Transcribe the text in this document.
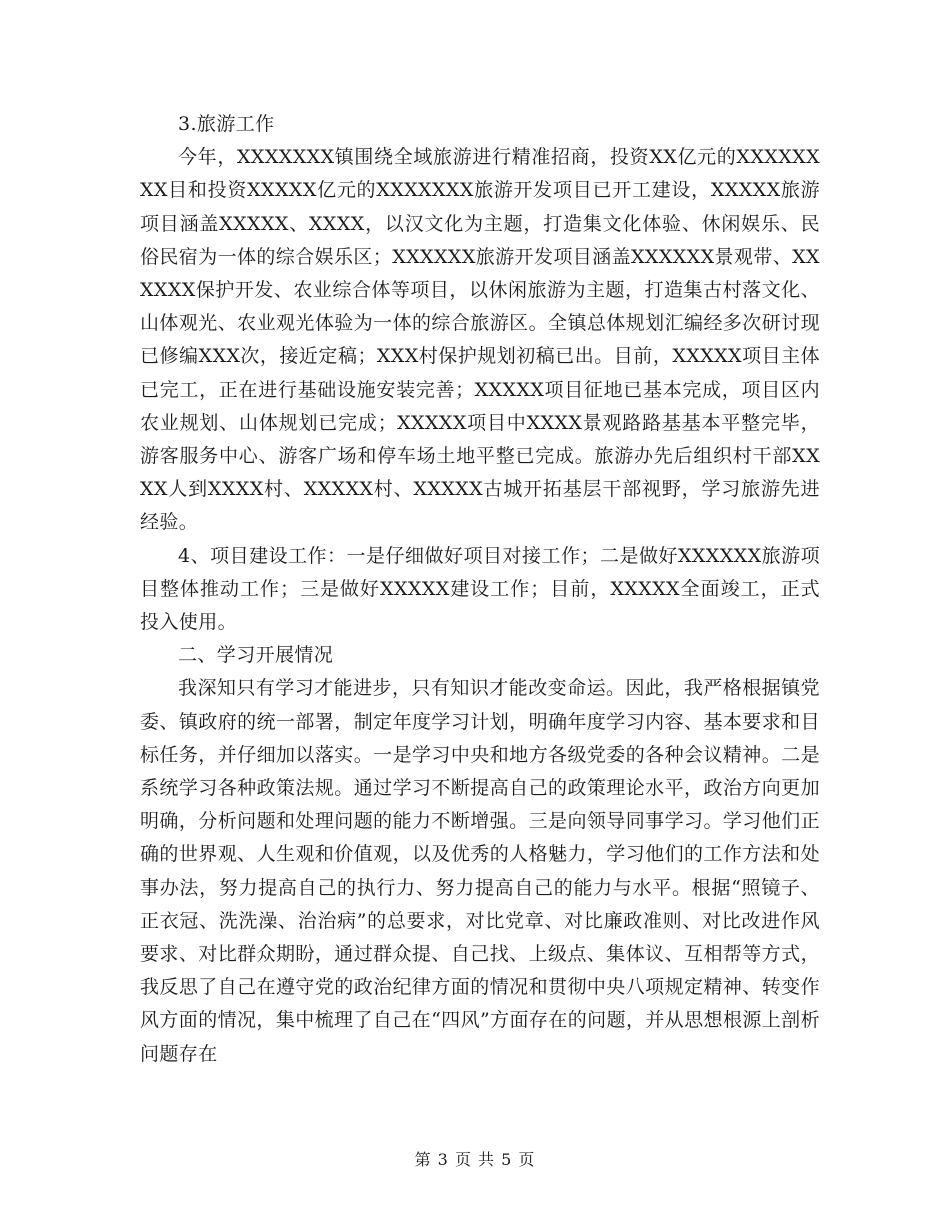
3.旅游工作

今年，XXXXXXX镇围绕全域旅游进行精准招商，投资XX亿元的XXXXXXXX目和投资XXXXX亿元的XXXXXXX旅游开发项目已开工建设，XXXXX旅游项目涵盖XXXXX、XXXX，以汉文化为主题，打造集文化体验、休闲娱乐、民俗民宿为一体的综合娱乐区；XXXXXX旅游开发项目涵盖XXXXXX景观带、XXXXXX保护开发、农业综合体等项目，以休闲旅游为主题，打造集古村落文化、山体观光、农业观光体验为一体的综合旅游区。全镇总体规划汇编经多次研讨现已修编XXX次，接近定稿；XXX村保护规划初稿已出。目前，XXXXX项目主体已完工，正在进行基础设施安装完善；XXXXX项目征地已基本完成，项目区内农业规划、山体规划已完成；XXXXX项目中XXXX景观路路基基本平整完毕，游客服务中心、游客广场和停车场土地平整已完成。旅游办先后组织村干部XXXX人到XXXX村、XXXXX村、XXXXX古城开拓基层干部视野，学习旅游先进经验。

4、项目建设工作：一是仔细做好项目对接工作；二是做好XXXXXX旅游项目整体推动工作；三是做好XXXXX建设工作；目前，XXXXX全面竣工，正式投入使用。

二、学习开展情况

我深知只有学习才能进步，只有知识才能改变命运。因此，我严格根据镇党委、镇政府的统一部署，制定年度学习计划，明确年度学习内容、基本要求和目标任务，并仔细加以落实。一是学习中央和地方各级党委的各种会议精神。二是系统学习各种政策法规。通过学习不断提高自己的政策理论水平，政治方向更加明确，分析问题和处理问题的能力不断增强。三是向领导同事学习。学习他们正确的世界观、人生观和价值观，以及优秀的人格魅力，学习他们的工作方法和处事办法，努力提高自己的执行力、努力提高自己的能力与水平。根据“照镜子、正衣冠、洗洗澡、治治病”的总要求，对比党章、对比廉政准则、对比改进作风要求、对比群众期盼，通过群众提、自己找、上级点、集体议、互相帮等方式，我反思了自己在遵守党的政治纪律方面的情况和贯彻中央八项规定精神、转变作风方面的情况，集中梳理了自己在“四风”方面存在的问题，并从思想根源上剖析问题存在

第 3 页 共 5 页
